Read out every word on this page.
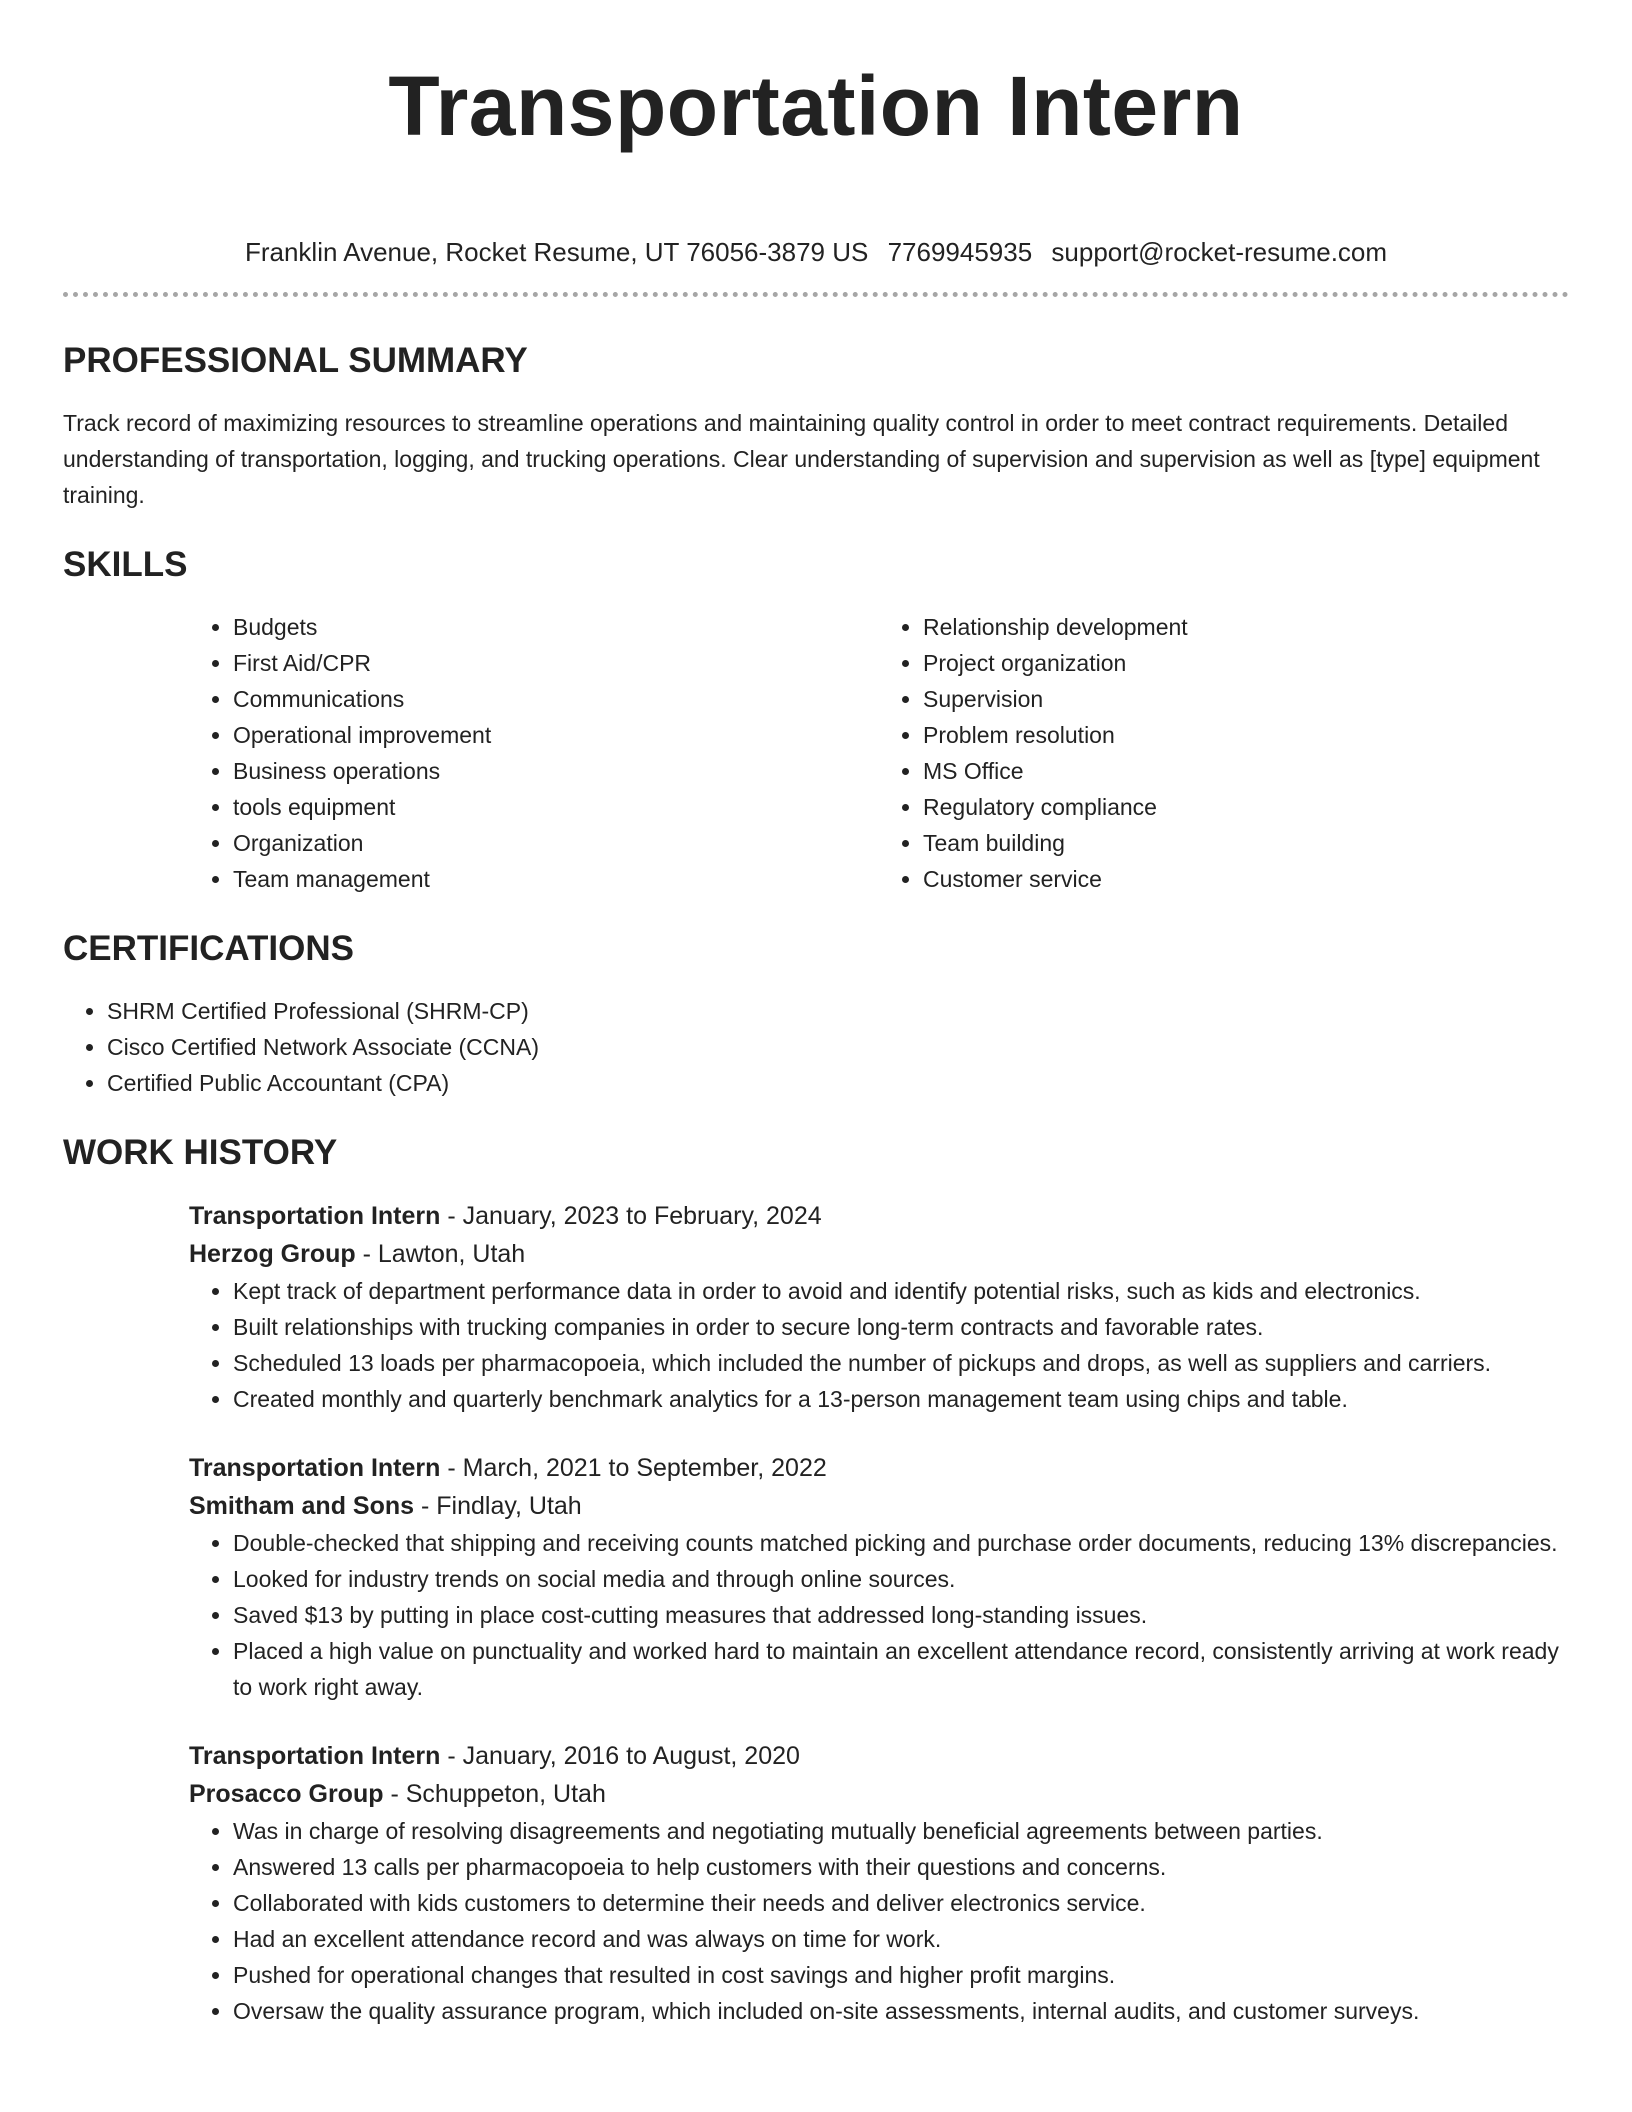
Transportation Intern
Franklin Avenue, Rocket Resume, UT 76056-3879 US 7769945935 support@rocket-resume.com
PROFESSIONAL SUMMARY

Track record of maximizing resources to streamline operations and maintaining quality control in order to meet contract requirements. Detailed understanding of transportation, logging, and trucking operations. Clear understanding of supervision and supervision as well as [type] equipment training.

SKILLS
• Budgets
• First Aid/CPR
• Communications
• Operational improvement
• Business operations
• tools equipment
• Organization
• Team management
• Relationship development
• Project organization
• Supervision
• Problem resolution
• MS Office
• Regulatory compliance
• Team building
• Customer service
CERTIFICATIONS
• SHRM Certified Professional (SHRM-CP)
• Cisco Certified Network Associate (CCNA)
• Certified Public Accountant (CPA)
WORK HISTORY

Transportation Intern - January, 2023 to February, 2024

Herzog Group - Lawton, Utah

• Kept track of department performance data in order to avoid and identify potential risks, such as kids and electronics.
• Built relationships with trucking companies in order to secure long-term contracts and favorable rates.
• Scheduled 13 loads per pharmacopoeia, which included the number of pickups and drops, as well as suppliers and carriers.
• Created monthly and quarterly benchmark analytics for a 13-person management team using chips and table.

Transportation Intern - March, 2021 to September, 2022

Smitham and Sons - Findlay, Utah

• Double-checked that shipping and receiving counts matched picking and purchase order documents, reducing 13% discrepancies.
• Looked for industry trends on social media and through online sources.
• Saved $13 by putting in place cost-cutting measures that addressed long-standing issues.
• Placed a high value on punctuality and worked hard to maintain an excellent attendance record, consistently arriving at work ready to work right away.

Transportation Intern - January, 2016 to August, 2020

Prosacco Group - Schuppeton, Utah

• Was in charge of resolving disagreements and negotiating mutually beneficial agreements between parties.
• Answered 13 calls per pharmacopoeia to help customers with their questions and concerns.
• Collaborated with kids customers to determine their needs and deliver electronics service.
• Had an excellent attendance record and was always on time for work.
• Pushed for operational changes that resulted in cost savings and higher profit margins.
• Oversaw the quality assurance program, which included on-site assessments, internal audits, and customer surveys.
